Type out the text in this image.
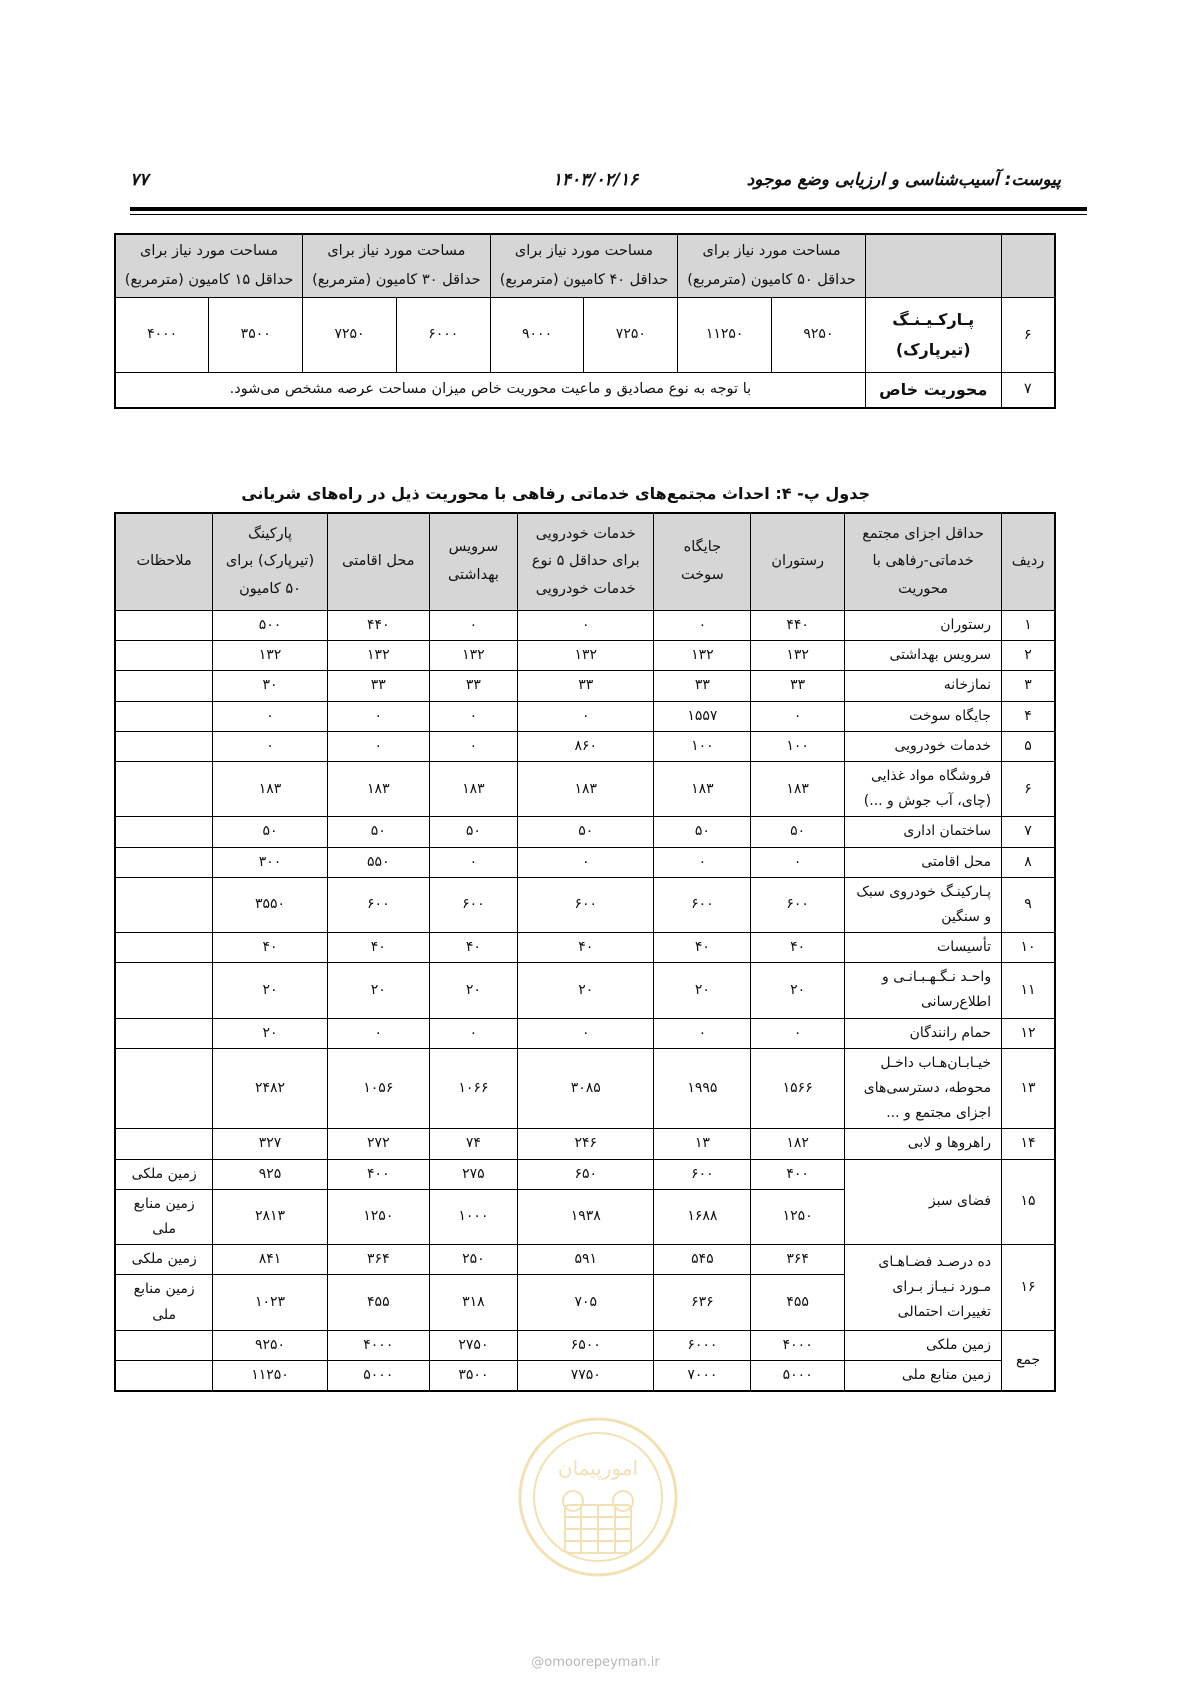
پیوست: آسیب‌شناسی و ارزیابی وضع موجود
۱۴۰۳/۰۲/۱۶
۷۷
		مساحت مورد نیاز برای حداقل ۵۰ کامیون (مترمربع)		مساحت مورد نیاز برای حداقل ۴۰ کامیون (مترمربع)		مساحت مورد نیاز برای حداقل ۳۰ کامیون (مترمربع)		مساحت مورد نیاز برای حداقل ۱۵ کامیون (مترمربع)	
۶	پـارکـیـنـگ (تیرپارک)	۹۲۵۰	۱۱۲۵۰	۷۲۵۰	۹۰۰۰	۶۰۰۰	۷۲۵۰	۳۵۰۰	۴۰۰۰
۷	محوریت خاص	با توجه به نوع مصادیق و ماعیت محوریت خاص میزان مساحت عرصه مشخص می‌شود.							
جدول پ- ۴: احداث مجتمع‌های خدماتی رفاهی با محوریت ذیل در راه‌های شریانی
ردیف	حداقل اجزای مجتمع خدماتی-رفاهی با محوریت	رستوران	جایگاه سوخت	خدمات خودرویی برای حداقل ۵ نوع خدمات خودرویی	سرویس بهداشتی	محل اقامتی	پارکینگ (تیرپارک) برای ۵۰ کامیون	ملاحظات
۱	رستوران	۴۴۰	۰	۰	۰	۴۴۰	۵۰۰	
۲	سرویس بهداشتی	۱۳۲	۱۳۲	۱۳۲	۱۳۲	۱۳۲	۱۳۲	
۳	نمازخانه	۳۳	۳۳	۳۳	۳۳	۳۳	۳۰	
۴	جایگاه سوخت	۰	۱۵۵۷	۰	۰	۰	۰	
۵	خدمات خودرویی	۱۰۰	۱۰۰	۸۶۰	۰	۰	۰	
۶	فروشگاه مواد غذایی (چای، آب جوش و ...)	۱۸۳	۱۸۳	۱۸۳	۱۸۳	۱۸۳	۱۸۳	
۷	ساختمان اداری	۵۰	۵۰	۵۰	۵۰	۵۰	۵۰	
۸	محل اقامتی	۰	۰	۰	۰	۵۵۰	۳۰۰	
۹	پـارکینـگ خودروی سبک و سنگین	۶۰۰	۶۰۰	۶۰۰	۶۰۰	۶۰۰	۳۵۵۰	
۱۰	تأسیسات	۴۰	۴۰	۴۰	۴۰	۴۰	۴۰	
۱۱	واحـد نـگـهـبـانـی و اطلاع‌رسانی	۲۰	۲۰	۲۰	۲۰	۲۰	۲۰	
۱۲	حمام رانندگان	۰	۰	۰	۰	۰	۲۰	
۱۳	خیـابـان‌هـاب داخـل محوطه، دسترسی‌های اجزای مجتمع و ...	۱۵۶۶	۱۹۹۵	۳۰۸۵	۱۰۶۶	۱۰۵۶	۲۴۸۲	
۱۴	راهروها و لابی	۱۸۲	۱۳	۲۴۶	۷۴	۲۷۲	۳۲۷	
۱۵	فضای سبز	۴۰۰	۶۰۰	۶۵۰	۲۷۵	۴۰۰	۹۲۵	زمین ملکی
		۱۲۵۰	۱۶۸۸	۱۹۳۸	۱۰۰۰	۱۲۵۰	۲۸۱۳	زمین منابع ملی
۱۶	ده درصـد فضـاهـای مـورد نـیـاز بـرای تغییرات احتمالی	۳۶۴	۵۴۵	۵۹۱	۲۵۰	۳۶۴	۸۴۱	زمین ملکی
		۴۵۵	۶۳۶	۷۰۵	۳۱۸	۴۵۵	۱۰۲۳	زمین منابع ملی
جمع	زمین ملکی	۴۰۰۰	۶۰۰۰	۶۵۰۰	۲۷۵۰	۴۰۰۰	۹۲۵۰	
	زمین منابع ملی	۵۰۰۰	۷۰۰۰	۷۷۵۰	۳۵۰۰	۵۰۰۰	۱۱۲۵۰	
امورپیمان
@omoorepeyman.ir
